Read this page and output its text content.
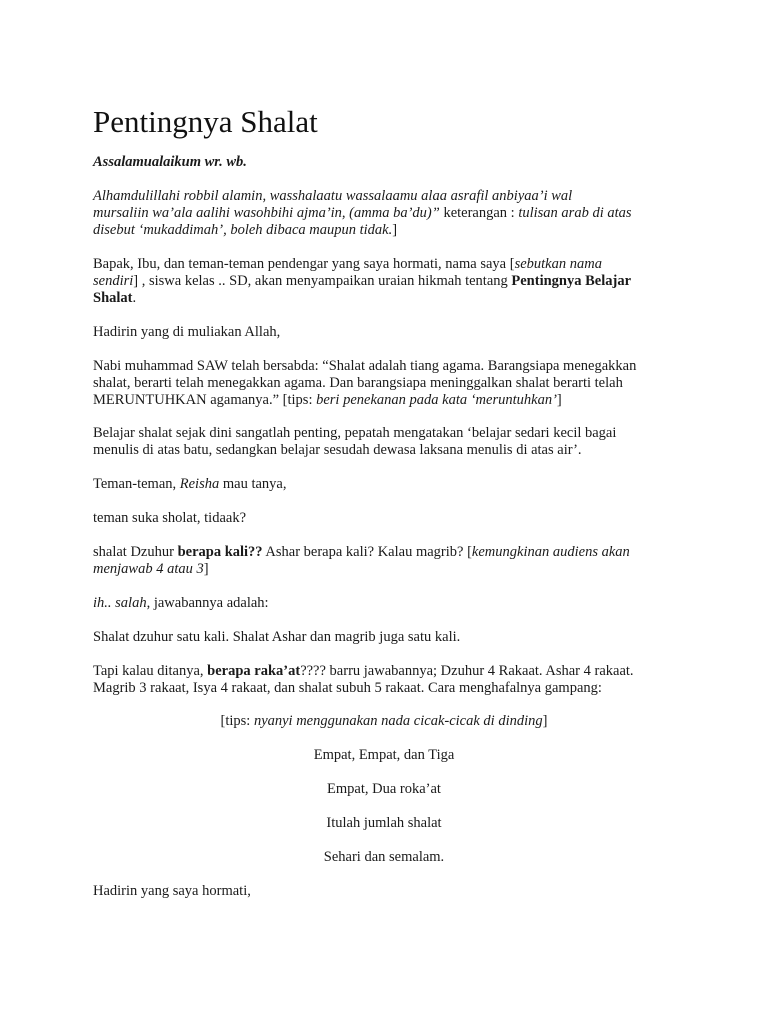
Pentingnya Shalat

Assalamualaikum wr. wb.

Alhamdulillahi robbil alamin, wasshalaatu wassalaamu alaa asrafil anbiyaa’i wal
mursaliin wa’ala aalihi wasohbihi ajma’in, (amma ba’du)” keterangan : tulisan arab di atas
disebut ‘mukaddimah’, boleh dibaca maupun tidak.]

Bapak, Ibu, dan teman-teman pendengar yang saya hormati, nama saya [sebutkan nama
sendiri] , siswa kelas .. SD, akan menyampaikan uraian hikmah tentang Pentingnya Belajar
Shalat.

Hadirin yang di muliakan Allah,

Nabi muhammad SAW telah bersabda: “Shalat adalah tiang agama. Barangsiapa menegakkan
shalat, berarti telah menegakkan agama. Dan barangsiapa meninggalkan shalat berarti telah
MERUNTUHKAN agamanya.” [tips: beri penekanan pada kata ‘meruntuhkan’]

Belajar shalat sejak dini sangatlah penting, pepatah mengatakan ‘belajar sedari kecil bagai
menulis di atas batu, sedangkan belajar sesudah dewasa laksana menulis di atas air’.

Teman-teman, Reisha mau tanya,

teman suka sholat, tidaak?

shalat Dzuhur berapa kali?? Ashar berapa kali? Kalau magrib? [kemungkinan audiens akan
menjawab 4 atau 3]

ih.. salah, jawabannya adalah:

Shalat dzuhur satu kali. Shalat Ashar dan magrib juga satu kali.

Tapi kalau ditanya, berapa raka’at???? barru jawabannya; Dzuhur 4 Rakaat. Ashar 4 rakaat.
Magrib 3 rakaat, Isya 4 rakaat, dan shalat subuh 5 rakaat. Cara menghafalnya gampang:

[tips: nyanyi menggunakan nada cicak-cicak di dinding]

Empat, Empat, dan Tiga

Empat, Dua roka’at

Itulah jumlah shalat

Sehari dan semalam.

Hadirin yang saya hormati,
